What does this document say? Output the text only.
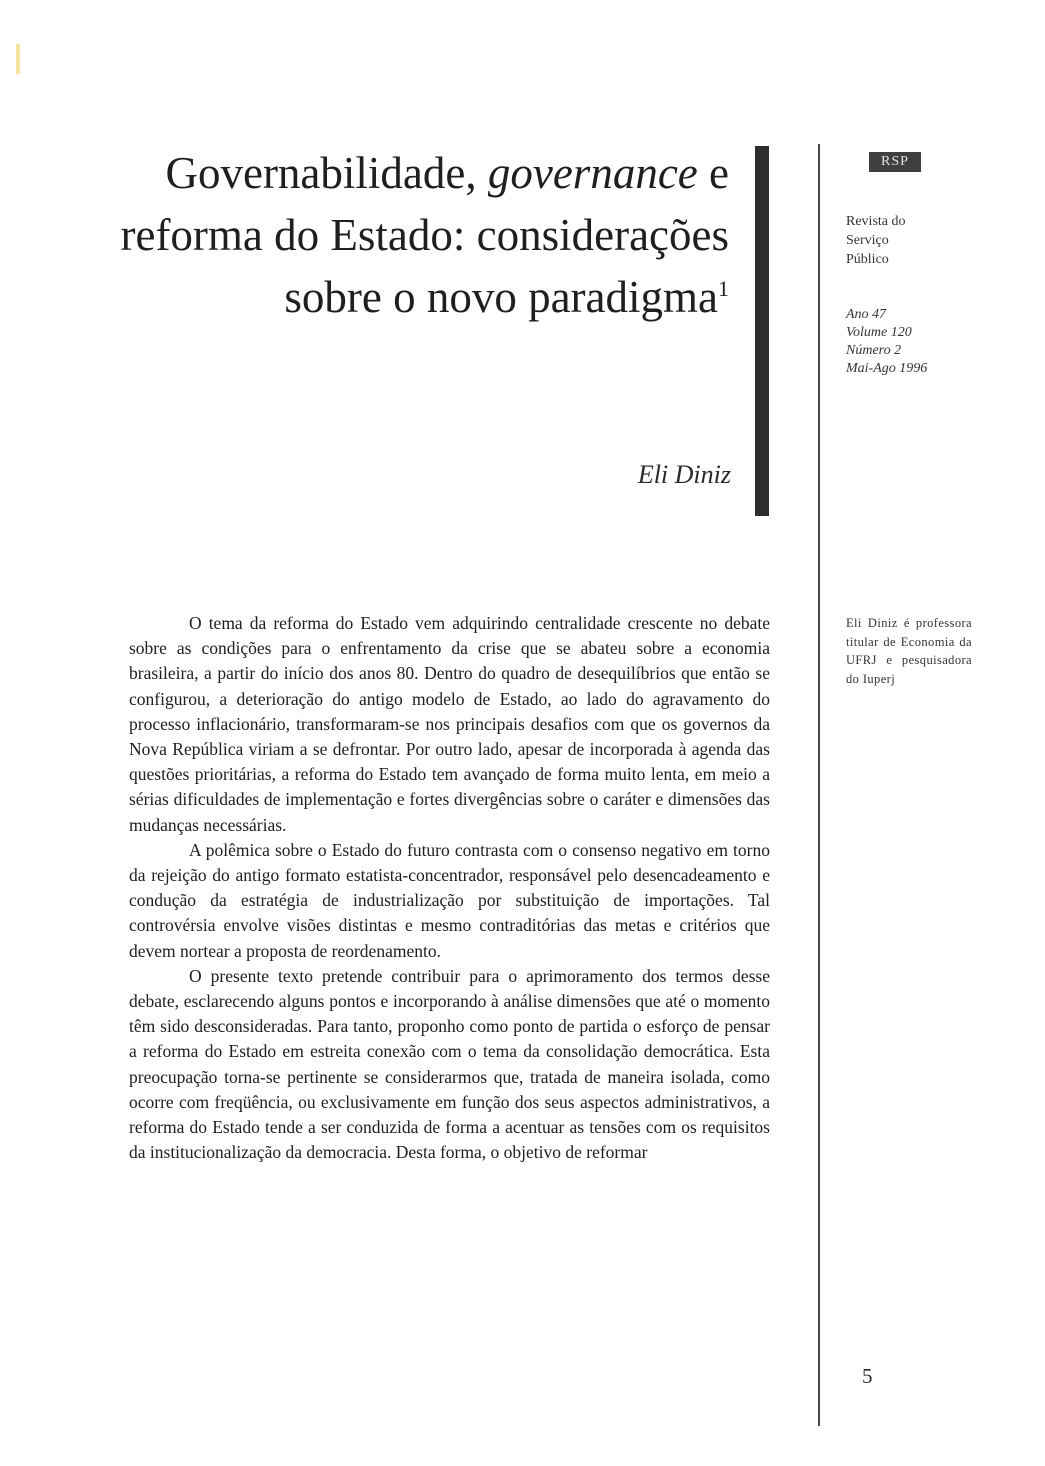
Governabilidade, governance e reforma do Estado: considerações sobre o novo paradigma$^1$

Eli Diniz

RSP

Revista do
Serviço
Público

Ano 47
Volume 120
Número 2
Mai-Ago 1996

Eli Diniz é professora titular de Economia da UFRJ e pesquisadora do Iuperj

O tema da reforma do Estado vem adquirindo centralidade crescente no debate sobre as condições para o enfrentamento da crise que se abateu sobre a economia brasileira, a partir do início dos anos 80. Dentro do quadro de desequilíbrios que então se configurou, a deterioração do antigo modelo de Estado, ao lado do agravamento do processo inflacionário, transformaram-se nos principais desafios com que os governos da Nova República viriam a se defrontar. Por outro lado, apesar de incorporada à agenda das questões prioritárias, a reforma do Estado tem avançado de forma muito lenta, em meio a sérias dificuldades de implementação e fortes divergências sobre o caráter e dimensões das mudanças necessárias.

A polêmica sobre o Estado do futuro contrasta com o consenso negativo em torno da rejeição do antigo formato estatista-concentrador, responsável pelo desencadeamento e condução da estratégia de industrialização por substituição de importações. Tal controvérsia envolve visões distintas e mesmo contraditórias das metas e critérios que devem nortear a proposta de reordenamento.

O presente texto pretende contribuir para o aprimoramento dos termos desse debate, esclarecendo alguns pontos e incorporando à análise dimensões que até o momento têm sido desconsideradas. Para tanto, proponho como ponto de partida o esforço de pensar a reforma do Estado em estreita conexão com o tema da consolidação democrática. Esta preocupação torna-se pertinente se considerarmos que, tratada de maneira isolada, como ocorre com freqüência, ou exclusivamente em função dos seus aspectos administrativos, a reforma do Estado tende a ser conduzida de forma a acentuar as tensões com os requisitos da institucionalização da democracia. Desta forma, o objetivo de reformar

5
